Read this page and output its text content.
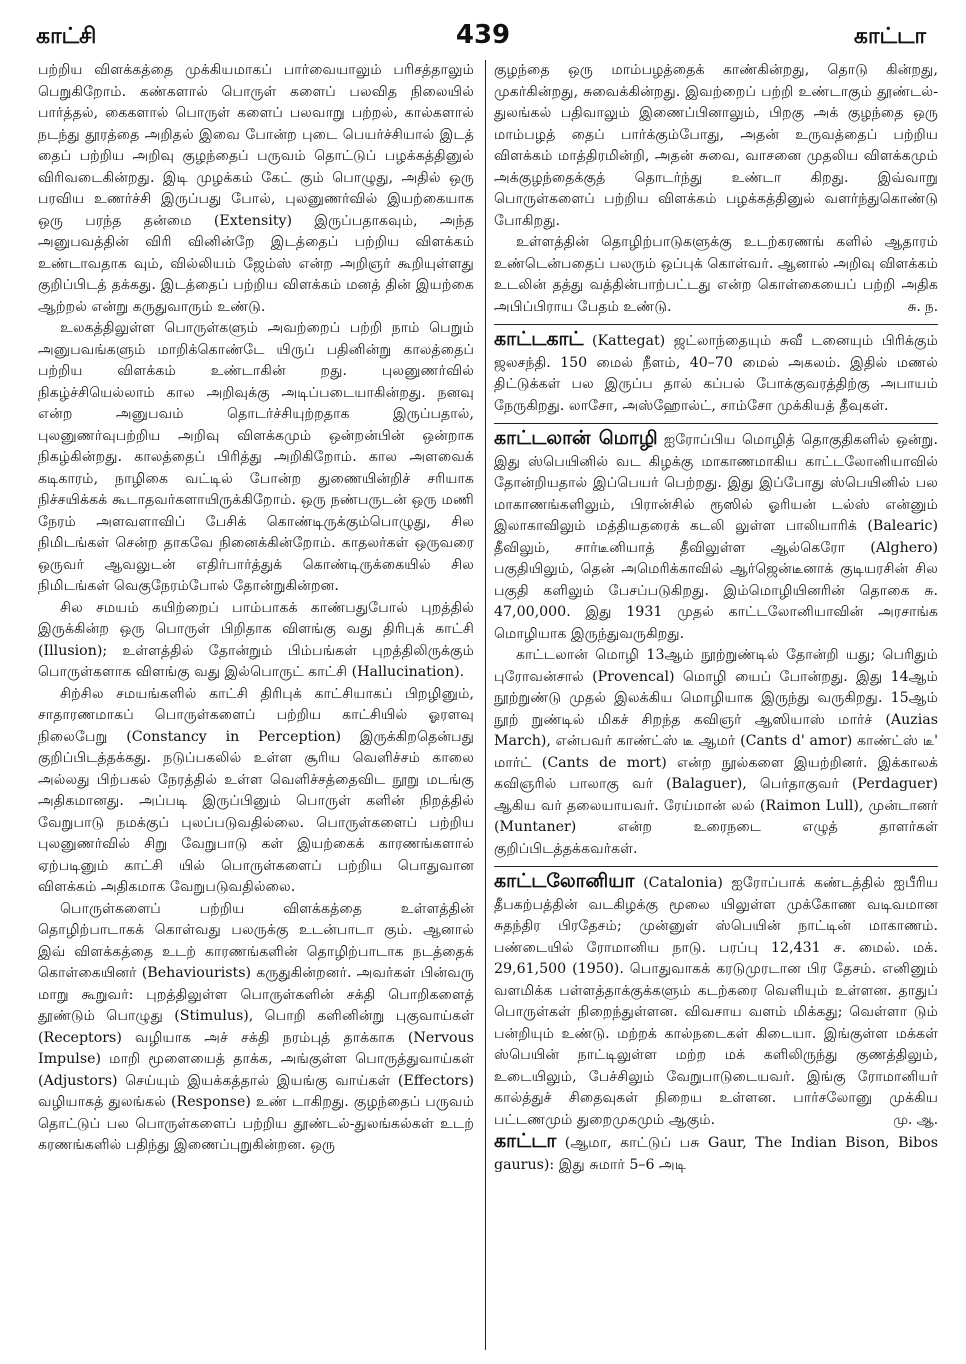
காட்சி	439	காட்டா

பற்றிய விளக்கத்தை முக்கியமாகப் பார்வையாலும் பரிசத்தாலும் பெறுகிறோம். கண்களால் பொருள் களைப் பலவித நிலையில் பார்த்தல், கைகளால் பொருள் களைப் பலவாறு பற்றல், கால்களால் நடந்து தூரத்தை அறிதல் இவை போன்ற புடை பெயர்ச்சியால் இடத் தைப் பற்றிய அறிவு குழந்தைப் பருவம் தொட்டுப் பழக்கத்தினுல் விரிவடைகின்றது. இடி முழக்கம் கேட் கும் பொழுது, அதில் ஒரு பரவிய உணர்ச்சி இருப்பது போல், புலனுணர்வில் இயற்கையாக ஒரு பரந்த தன்மை (Extensity) இருப்பதாகவும், அந்த அனுபவத்தின் விரி வினின்றே இடத்தைப் பற்றிய விளக்கம் உண்டாவதாக வும், வில்லியம் ஜேம்ஸ் என்ற அறிஞர் கூறியுள்ளது குறிப்பிடத் தக்கது. இடத்தைப் பற்றிய விளக்கம் மனத் தின் இயற்கை ஆற்றல் என்று கருதுவாரும் உண்டு.

உலகத்திலுள்ள பொருள்களும் அவற்றைப் பற்றி நாம் பெறும் அனுபவங்களும் மாறிக்கொண்டே யிருப் பதினின்று காலத்தைப் பற்றிய விளக்கம் உண்டாகின் றது. புலனுணர்வில் நிகழ்ச்சியெல்லாம் கால அறிவுக்கு அடிப்படையாகின்றது. நனவு என்ற அனுபவம் தொடர்ச்சியுற்றதாக இருப்பதால், புலனுணர்வுபற்றிய அறிவு விளக்கமும் ஒன்றன்பின் ஒன்றாக நிகழ்கின்றது. காலத்தைப் பிரித்து அறிகிறோம். கால அளவைக் கடிகாரம், நாழிகை வட்டில் போன்ற துணையின்றிச் சரியாக நிச்சயிக்கக் கூடாதவர்களாயிருக்கிறோம். ஒரு நண்பருடன் ஒரு மணி நேரம் அளவளாவிப் பேசிக் கொண்டிருக்கும்பொழுது, சில நிமிடங்கள் சென்ற தாகவே நினைக்கின்றோம். காதலர்கள் ஒருவரை ஒருவர் ஆவலுடன் எதிர்பார்த்துக் கொண்டிருக்கையில் சில நிமிடங்கள் வெகுநேரம்போல் தோன்றுகின்றன.

சில சமயம் கயிற்றைப் பாம்பாகக் காண்பதுபோல் புறத்தில் இருக்கின்ற ஒரு பொருள் பிறிதாக விளங்கு வது திரிபுக் காட்சி (Illusion); உள்ளத்தில் தோன்றும் பிம்பங்கள் புறத்திலிருக்கும் பொருள்களாக விளங்கு வது இல்பொருட் காட்சி (Hallucination).

சிற்சில சமயங்களில் காட்சி திரிபுக் காட்சியாகப் பிறழினும், சாதாரணமாகப் பொருள்களைப் பற்றிய காட்சியில் ஓரளவு நிலைபேறு (Constancy in Perception) இருக்கிறதென்பது குறிப்பிடத்தக்கது. நடுப்பகலில் உள்ள சூரிய வெளிச்சம் காலை அல்லது பிற்பகல் நேரத்தில் உள்ள வெளிச்சத்தைவிட நூறு மடங்கு அதிகமானது. அப்படி இருப்பினும் பொருள் களின் நிறத்தில் வேறுபாடு நமக்குப் புலப்படுவதில்லை. பொருள்களைப் பற்றிய புலனுணர்வில் சிறு வேறுபாடு கள் இயற்கைக் காரணங்களால் ஏற்படினும் காட்சி யில் பொருள்களைப் பற்றிய பொதுவான விளக்கம் அதிகமாக வேறுபடுவதில்லை.

பொருள்களைப் பற்றிய விளக்கத்தை உள்ளத்தின் தொழிற்பாடாகக் கொள்வது பலருக்கு உடன்பாடா கும். ஆனால் இவ் விளக்கத்தை உடற் காரணங்களின் தொழிற்பாடாக நடத்தைக் கொள்கையினர் (Behaviourists) கருதுகின்றனர். அவர்கள் பின்வரு மாறு கூறுவர்: புறத்திலுள்ள பொருள்களின் சக்தி பொறிகளைத் தூண்டும் பொழுது (Stimulus), பொறி களினின்று புகுவாய்கள் (Receptors) வழியாக அச் சக்தி நரம்புத் தாக்காக (Nervous Impulse) மாறி மூளையைத் தாக்க, அங்குள்ள பொருத்துவாய்கள் (Adjustors) செய்யும் இயக்கத்தால் இயங்கு வாய்கள் (Effectors) வழியாகத் துலங்கல் (Response) உண் டாகிறது. குழந்தைப் பருவம் தொட்டுப் பல பொருள்களைப் பற்றிய தூண்டல்-துலங்கல்கள் உடற் கரணங்களில் பதிந்து இணைப்புறுகின்றன. ஒரு

குழந்தை ஒரு மாம்பழத்தைக் காண்கின்றது, தொடு கின்றது, முகர்கின்றது, சுவைக்கின்றது. இவற்றைப் பற்றி உண்டாகும் தூண்டல்-துலங்கல் பதிவாலும் இணைப்பினாலும், பிறகு அக் குழந்தை ஒரு மாம்பழத் தைப் பார்க்கும்போது, அதன் உருவத்தைப் பற்றிய விளக்கம் மாத்திரமின்றி, அதன் சுவை, வாசனை முதலிய விளக்கமும் அக்குழந்தைக்குத் தொடர்ந்து உண்டா கிறது. இவ்வாறு பொருள்களைப் பற்றிய விளக்கம் பழக்கத்தினுல் வளர்ந்துகொண்டு போகிறது.

உள்ளத்தின் தொழிற்பாடுகளுக்கு உடற்கரணங் களில் ஆதாரம் உண்டென்பதைப் பலரும் ஒப்புக் கொள்வர். ஆனால் அறிவு விளக்கம் உடலின் தத்து வத்தின்பாற்பட்டது என்ற கொள்கையைப் பற்றி அதிக அபிப்பிராய பேதம் உண்டு.	சு. ந.

காட்டகாட் (Kattegat) ஜட்லாந்தையும் சுவீ டனையும் பிரிக்கும் ஜலசந்தி. 150 மைல் நீளம், 40–70 மைல் அகலம். இதில் மணல் திட்டுக்கள் பல இருப்ப தால் கப்பல் போக்குவரத்திற்கு அபாயம் நேருகிறது. லாசோ, அஸ்ஹோல்ட், சாம்சோ முக்கியத் தீவுகள்.

காட்டலான் மொழி ஐரோப்பிய மொழித் தொகுதிகளில் ஒன்று. இது ஸ்பெயினில் வட கிழக்கு மாகாணமாகிய காட்டலோனியாவில் தோன்றியதால் இப்பெயர் பெற்றது. இது இப்போது ஸ்பெயினில் பல மாகாணங்களிலும், பிரான்சில் ரூஸில் ஓரியன் டல்ஸ் என்னும் இலாகாவிலும் மத்தியதரைக் கடலி லுள்ள பாலியாரிக் (Balearic) தீவிலும், சார்டீனியாத் தீவிலுள்ள ஆல்கெரோ (Alghero) பகுதியிலும், தென் அமெரிக்காவில் ஆர்ஜென்டீனாக் குடியரசின் சில பகுதி களிலும் பேசப்படுகிறது. இம்மொழியினரின் தொகை சு. 47,00,000. இது 1931 முதல் காட்டலோனியாவின் அரசாங்க மொழியாக இருந்துவருகிறது.

காட்டலான் மொழி 13ஆம் நூற்றுண்டில் தோன்றி யது; பெரிதும் புரோவன்சால் (Provencal) மொழி யைப் போன்றது. இது 14ஆம் நூற்றுண்டு முதல் இலக்கிய மொழியாக இருந்து வருகிறது. 15ஆம் நூற் றுண்டில் மிகச் சிறந்த கவிஞர் ஆஸியாஸ் மார்ச் (Auzias March), என்பவர் காண்ட்ஸ் டீ ஆமர் (Cants d' amor) காண்ட்ஸ் டீ' மார்ட் (Cants de mort) என்ற நூல்களை இயற்றினர். இக்காலக் கவிஞரில் பாலாகு வர் (Balaguer), பெர்தாகுவர் (Perdaguer) ஆகிய வர் தலையாயவர். ரேய்மான் லல் (Raimon Lull), முன்டானர் (Muntaner) என்ற உரைநடை எழுத் தாளர்கள் குறிப்பிடத்தக்கவர்கள்.

காட்டலோனியா (Catalonia) ஐரோப்பாக் கண்டத்தில் ஐபீரிய தீபகற்பத்தின் வடகிழக்கு மூலை யிலுள்ள முக்கோண வடிவமான சுதந்திர பிரதேசம்; முன்னுள் ஸ்பெயின் நாட்டின் மாகாணம். பண்டையில் ரோமானிய நாடு. பரப்பு 12,431 ச. மைல். மக். 29,61,500 (1950). பொதுவாகக் கரடுமுரடான பிர தேசம். எனினும் வளமிக்க பள்ளத்தாக்குக்களும் கடற்கரை வெளியும் உள்ளன. தாதுப் பொருள்கள் நிறைந்துள்ளன. விவசாய வளம் மிக்கது; வெள்ளா டும் பன்றியும் உண்டு. மற்றக் கால்நடைகள் கிடையா. இங்குள்ள மக்கள் ஸ்பெயின் நாட்டிலுள்ள மற்ற மக் களிலிருந்து குணத்திலும், உடையிலும், பேச்சிலும் வேறுபாடுடையவர். இங்கு ரோமானியர் கால்த்துச் சிதைவுகள் நிறைய உள்ளன. பார்சலோனு முக்கிய பட்டணமும் துறைமுகமும் ஆகும்.	மு. ஆ.

காட்டா (ஆமா, காட்டுப் பசு Gaur, The Indian Bison, Bibos gaurus): இது சுமார் 5–6 அடி
